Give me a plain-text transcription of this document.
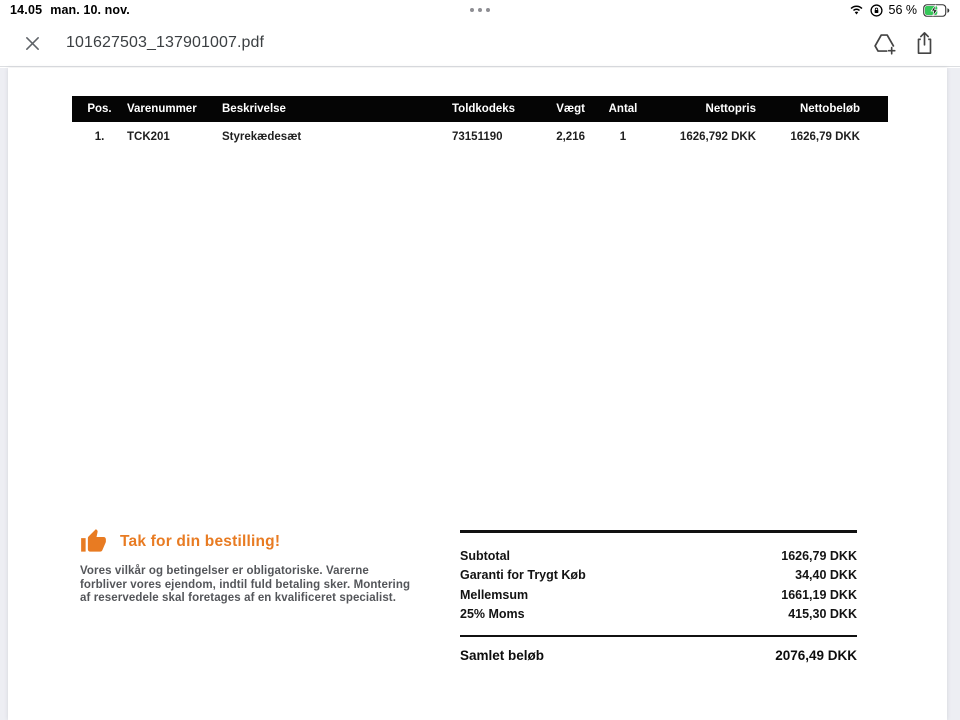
14.05 man. 10. nov.	56 %
101627503_137901007.pdf
Pos.	Varenummer	Beskrivelse	Toldkodeks	Vægt	Antal	Nettopris	Nettobeløb
1.	TCK201	Styrekædesæt	73151190	2,216	1	1626,792 DKK	1626,79 DKK
Tak for din bestilling!

Vores vilkår og betingelser er obligatoriske. Varerne forbliver vores ejendom, indtil fuld betaling sker. Montering af reservedele skal foretages af en kvalificeret specialist.

Subtotal	1626,79 DKK
Garanti for Trygt Køb	34,40 DKK
Mellemsum	1661,19 DKK
25% Moms	415,30 DKK
Samlet beløb	2076,49 DKK
